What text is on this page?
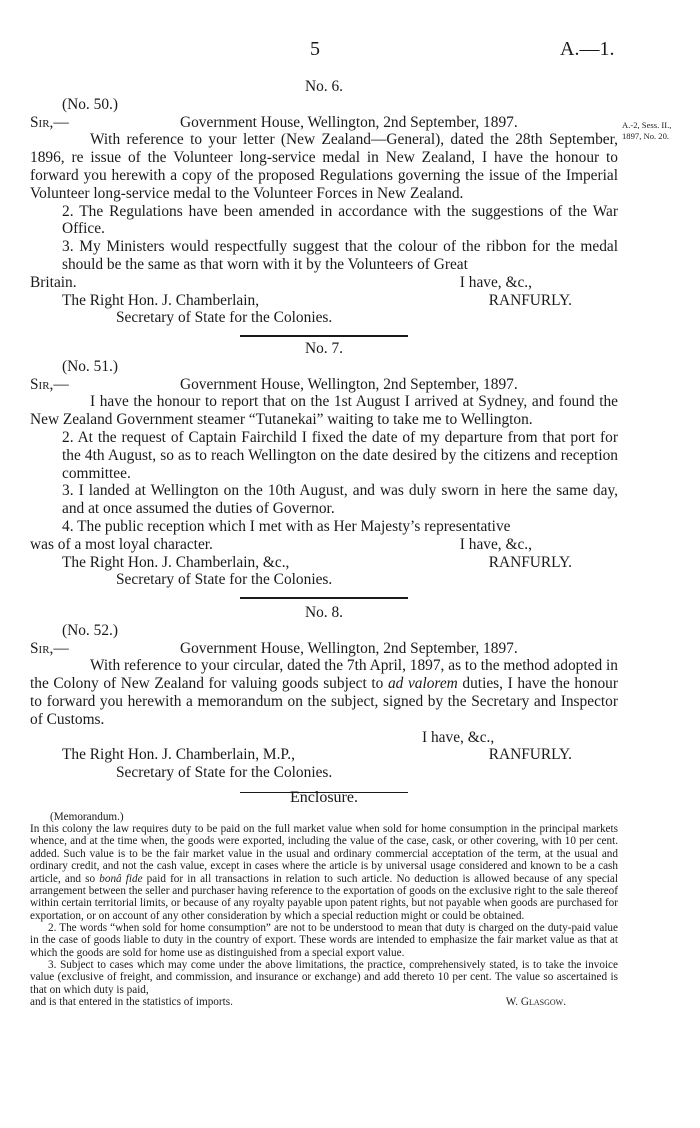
5	A.—1.
A.-2, Sess. II.,
1897, No. 20.

No. 6.

(No. 50.)

Sir,—	Government House, Wellington, 2nd September, 1897.

With reference to your letter (New Zealand—General), dated the 28th September, 1896, re issue of the Volunteer long-service medal in New Zealand, I have the honour to forward you herewith a copy of the proposed Regulations governing the issue of the Imperial Volunteer long-service medal to the Volunteer Forces in New Zealand.

2. The Regulations have been amended in accordance with the suggestions of the War Office.

3. My Ministers would respectfully suggest that the colour of the ribbon for the medal should be the same as that worn with it by the Volunteers of Great

Britain.	I have, &c.,
The Right Hon. J. Chamberlain,	RANFURLY.

Secretary of State for the Colonies.

No. 7.

(No. 51.)

Sir,—	Government House, Wellington, 2nd September, 1897.

I have the honour to report that on the 1st August I arrived at Sydney, and found the New Zealand Government steamer “Tutanekai” waiting to take me to Wellington.

2. At the request of Captain Fairchild I fixed the date of my departure from that port for the 4th August, so as to reach Wellington on the date desired by the citizens and reception committee.

3. I landed at Wellington on the 10th August, and was duly sworn in here the same day, and at once assumed the duties of Governor.

4. The public reception which I met with as Her Majesty’s representative

was of a most loyal character.	I have, &c.,
The Right Hon. J. Chamberlain, &c.,	RANFURLY.

Secretary of State for the Colonies.

No. 8.

(No. 52.)

Sir,—	Government House, Wellington, 2nd September, 1897.

With reference to your circular, dated the 7th April, 1897, as to the method adopted in the Colony of New Zealand for valuing goods subject to ad valorem duties, I have the honour to forward you herewith a memorandum on the subject, signed by the Secretary and Inspector of Customs.

I have, &c.,

The Right Hon. J. Chamberlain, M.P.,	RANFURLY.

Secretary of State for the Colonies.

Enclosure.

(Memorandum.)

In this colony the law requires duty to be paid on the full market value when sold for home consumption in the principal markets whence, and at the time when, the goods were exported, including the value of the case, cask, or other covering, with 10 per cent. added. Such value is to be the fair market value in the usual and ordinary commercial acceptation of the term, at the usual and ordinary credit, and not the cash value, except in cases where the article is by universal usage considered and known to be a cash article, and so bonâ fide paid for in all transactions in relation to such article. No deduction is allowed because of any special arrangement between the seller and purchaser having reference to the exportation of goods on the exclusive right to the sale thereof within certain territorial limits, or because of any royalty payable upon patent rights, but not payable when goods are purchased for exportation, or on account of any other consideration by which a special reduction might or could be obtained.

2. The words “when sold for home consumption” are not to be understood to mean that duty is charged on the duty-paid value in the case of goods liable to duty in the country of export. These words are intended to emphasize the fair market value as that at which the goods are sold for home use as distinguished from a special export value.

3. Subject to cases which may come under the above limitations, the practice, comprehensively stated, is to take the invoice value (exclusive of freight, and commission, and insurance or exchange) and add thereto 10 per cent. The value so ascertained is that on which duty is paid,

and is that entered in the statistics of imports.	W. Glasgow.
